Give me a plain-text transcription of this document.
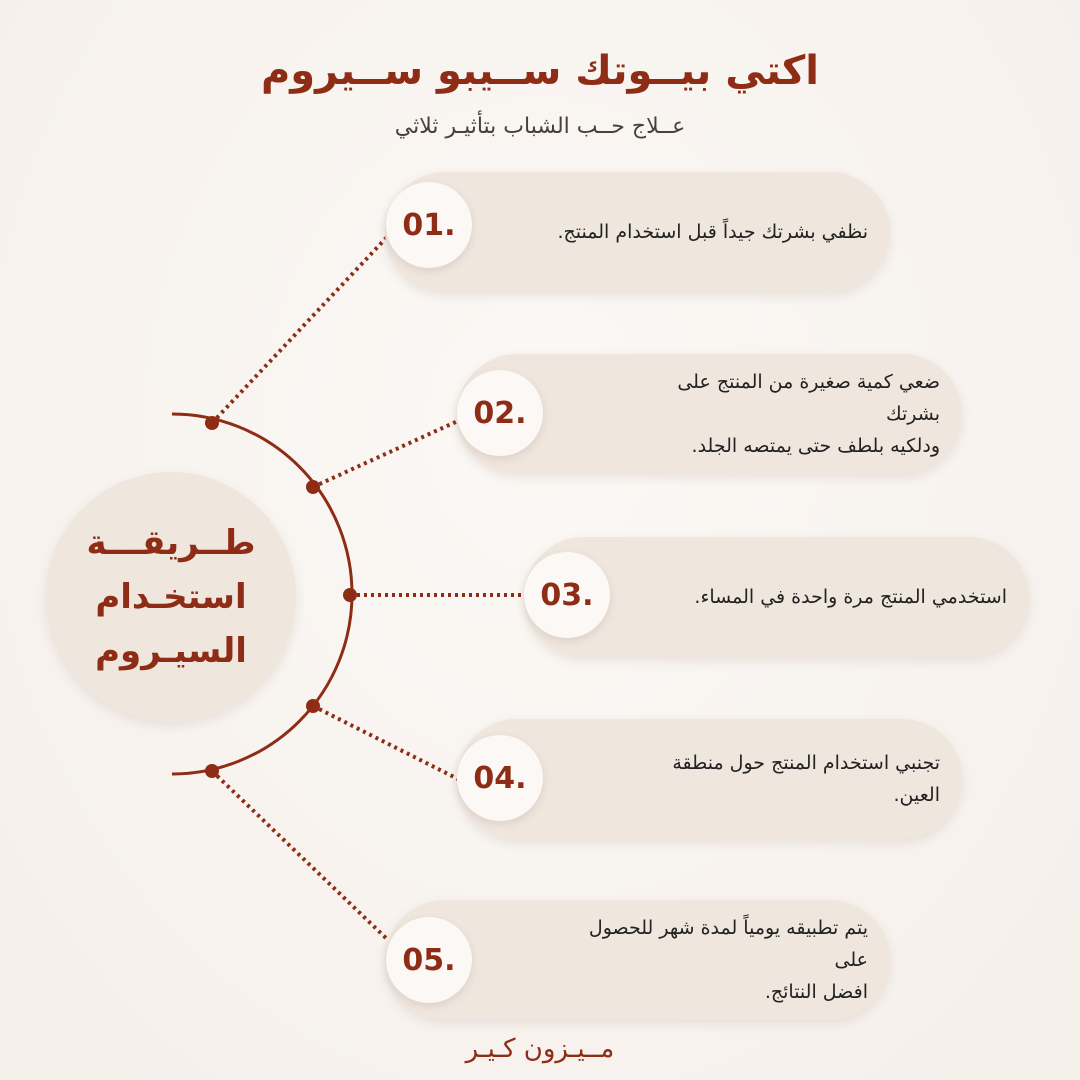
اكتي بيــوتك ســيبو ســيروم
عــلاج حــب الشباب بتأثيـر ثلاثي
طــريقـــة
استخـدام
السيـروم
نظفي بشرتك جيداً قبل استخدام المنتج.
01.
ضعي كمية صغيرة من المنتج على بشرتك
ودلكيه بلطف حتى يمتصه الجلد.
02.
استخدمي المنتج مرة واحدة في المساء.
03.
تجنبي استخدام المنتج حول منطقة العين.
04.
يتم تطبيقه يومياً لمدة شهر للحصول على
افضل النتائج.
05.
مــيـزون كـيـر
